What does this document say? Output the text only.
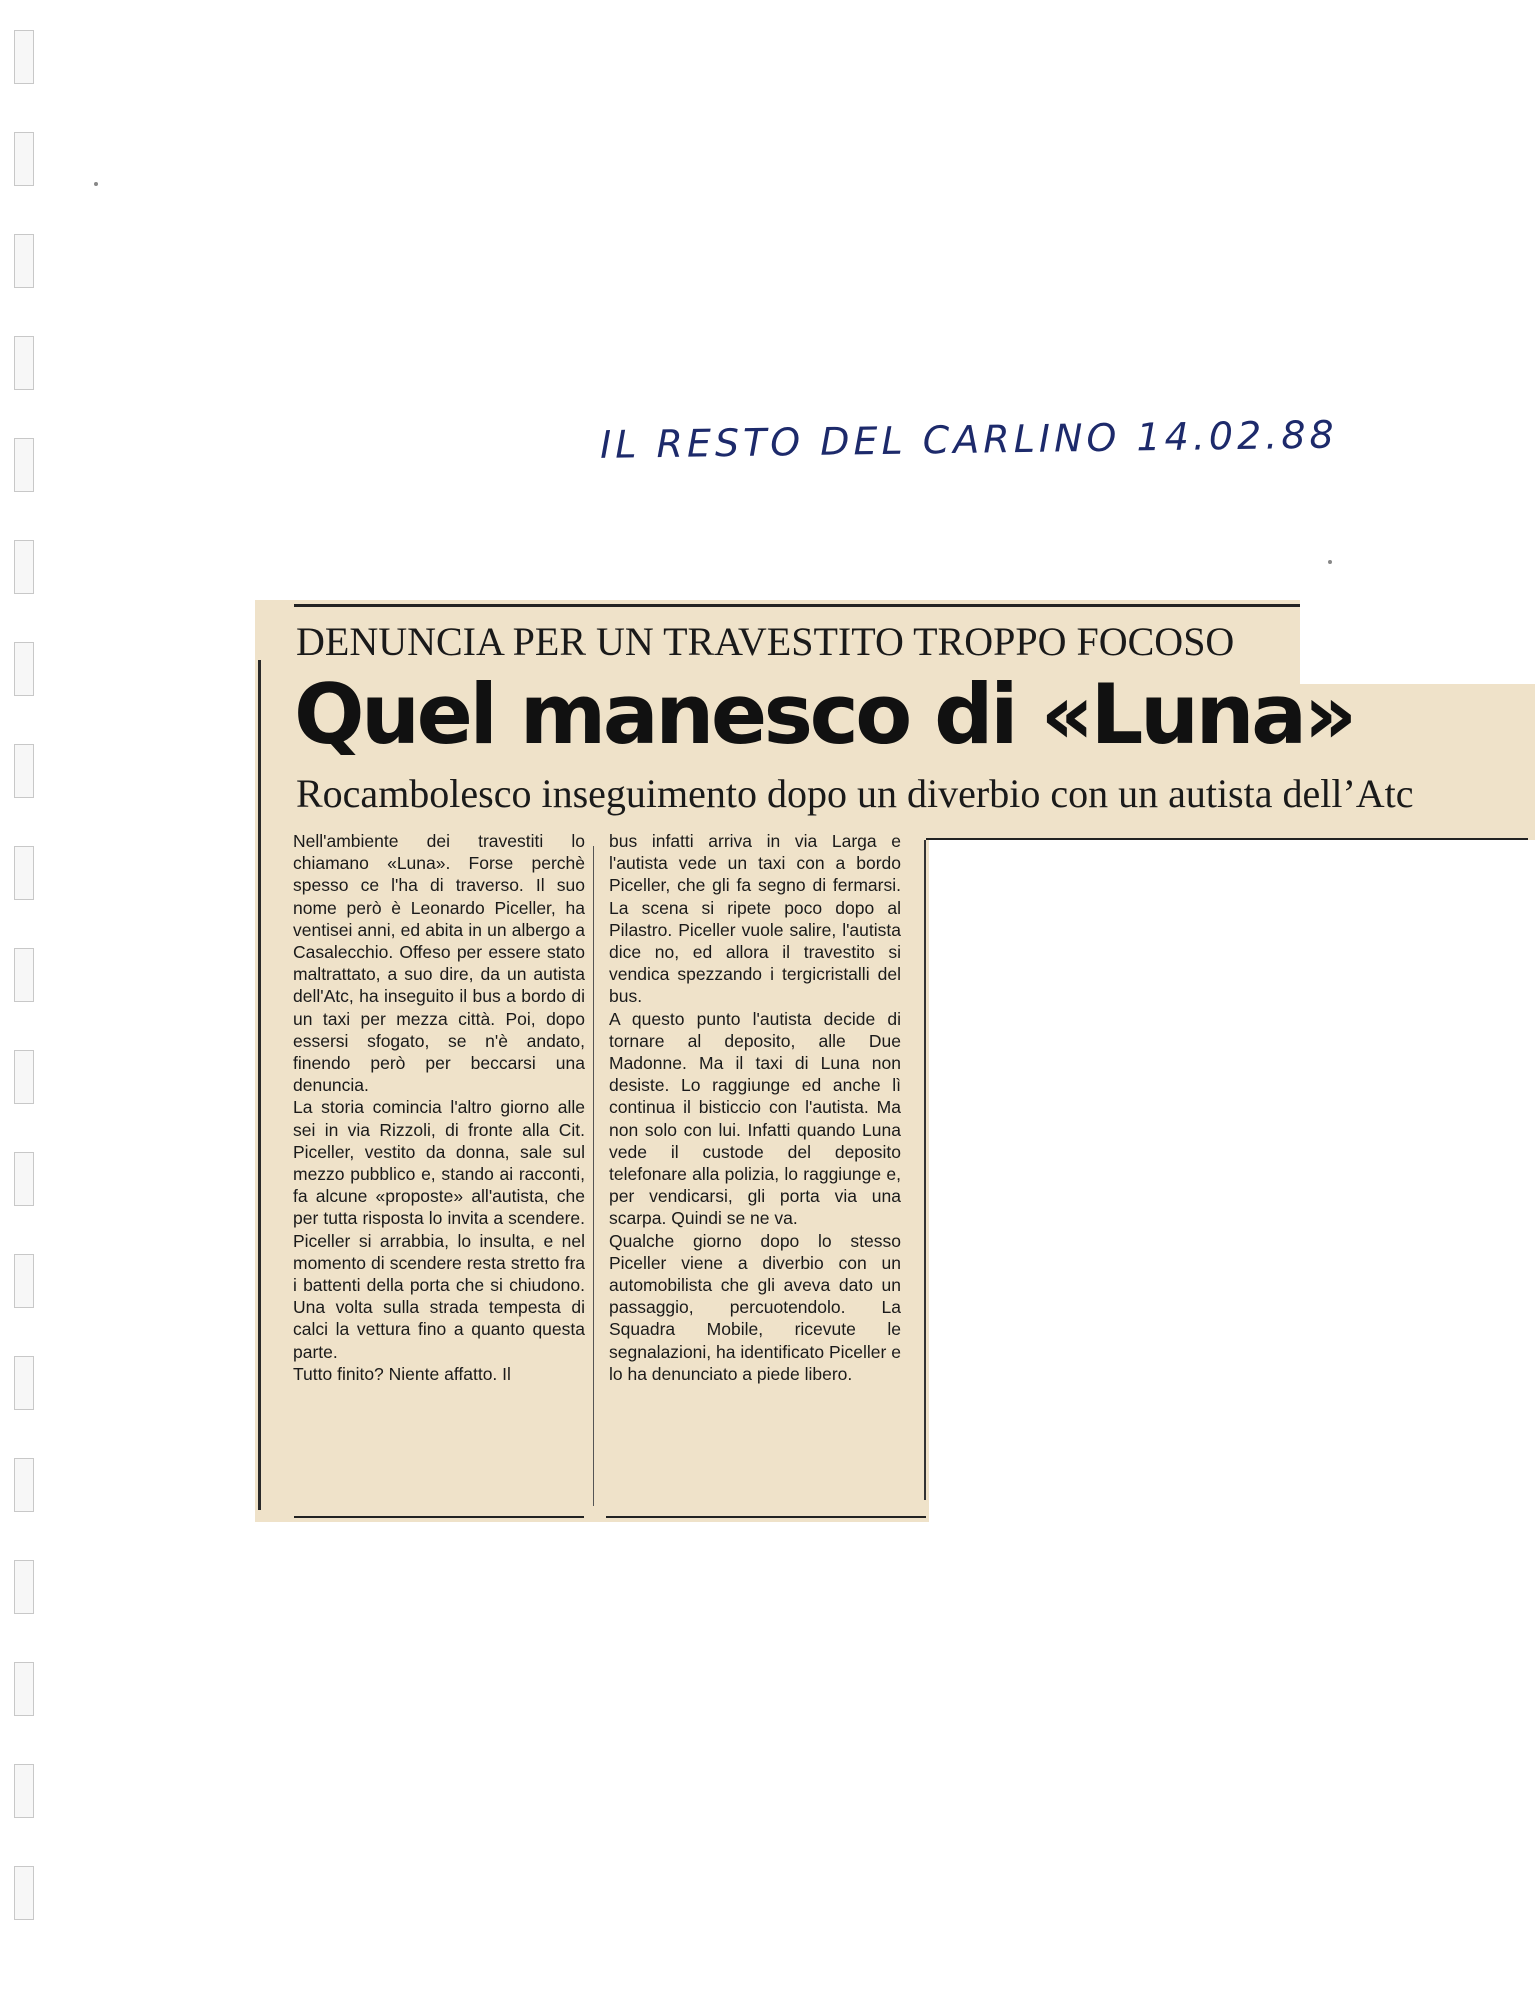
IL RESTO DEL CARLINO 14.02.88
DENUNCIA PER UN TRAVESTITO TROPPO FOCOSO
Quel manesco di «Luna»
Rocambolesco inseguimento dopo un diverbio con un autista dell’Atc

Nell'ambiente dei travestiti lo chiamano «Luna». Forse perchè spesso ce l'ha di traverso. Il suo nome però è Leonardo Piceller, ha ventisei anni, ed abita in un albergo a Casalecchio. Offeso per essere stato maltrattato, a suo dire, da un autista dell'Atc, ha inseguito il bus a bordo di un taxi per mezza città. Poi, dopo essersi sfogato, se n'è andato, finendo però per beccarsi una denuncia.

La storia comincia l'altro giorno alle sei in via Rizzoli, di fronte alla Cit. Piceller, vestito da donna, sale sul mezzo pubblico e, stando ai racconti, fa alcune «proposte» all'autista, che per tutta risposta lo invita a scendere. Piceller si arrabbia, lo insulta, e nel momento di scendere resta stretto fra i battenti della porta che si chiudono. Una volta sulla strada tempesta di calci la vettura fino a quanto questa parte.

Tutto finito? Niente affatto. Il

bus infatti arriva in via Larga e l'autista vede un taxi con a bordo Piceller, che gli fa segno di fermarsi. La scena si ripete poco dopo al Pilastro. Piceller vuole salire, l'autista dice no, ed allora il travestito si vendica spezzando i tergicristalli del bus.

A questo punto l'autista decide di tornare al deposito, alle Due Madonne. Ma il taxi di Luna non desiste. Lo raggiunge ed anche lì continua il bisticcio con l'autista. Ma non solo con lui. Infatti quando Luna vede il custode del deposito telefonare alla polizia, lo raggiunge e, per vendicarsi, gli porta via una scarpa. Quindi se ne va.

Qualche giorno dopo lo stesso Piceller viene a diverbio con un automobilista che gli aveva dato un passaggio, percuotendolo. La Squadra Mobile, ricevute le segnalazioni, ha identificato Piceller e lo ha denunciato a piede libero.
